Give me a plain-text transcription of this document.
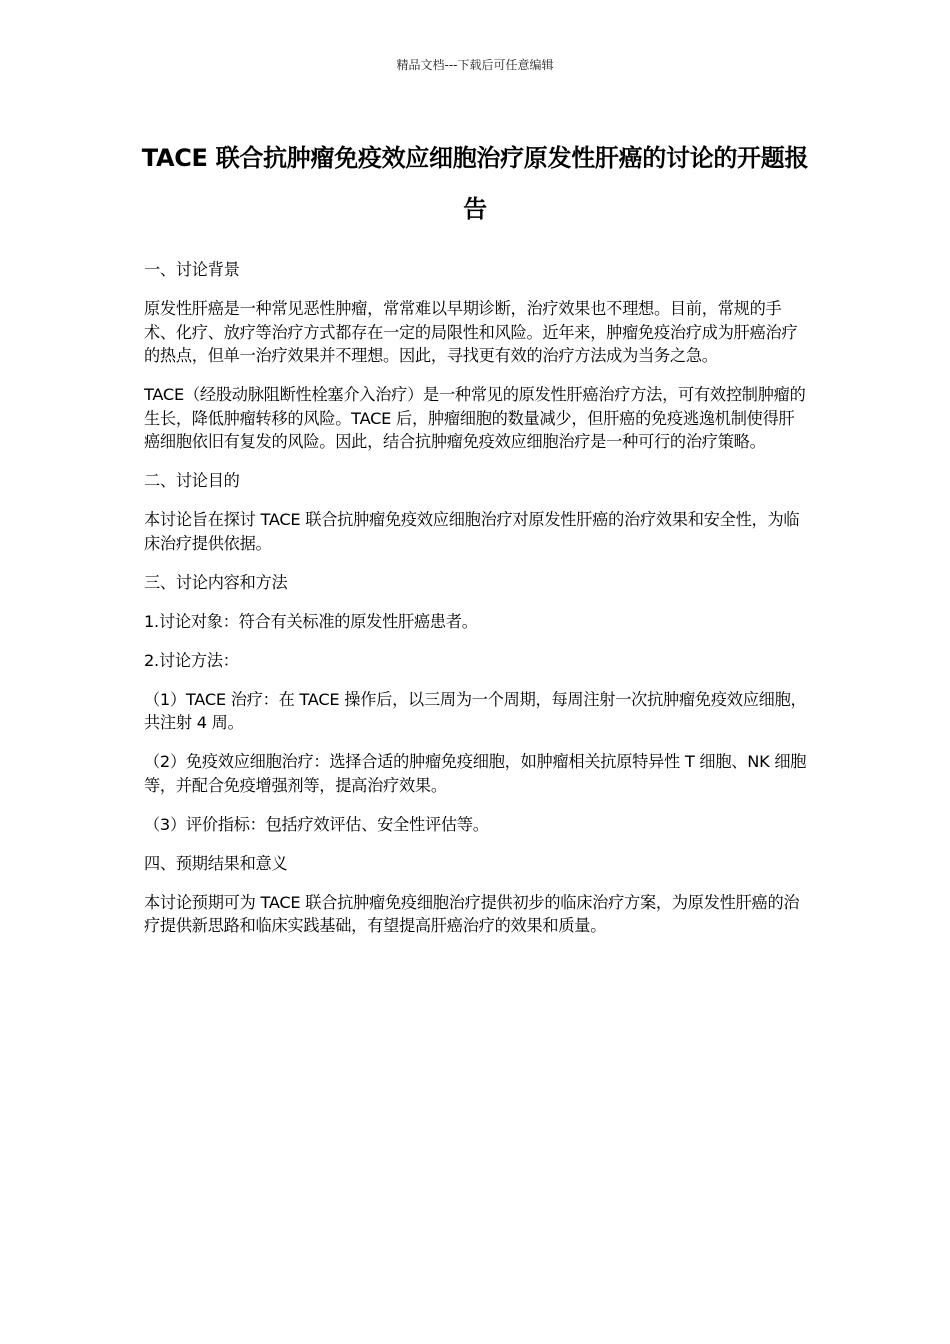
精品文档---下载后可任意编辑
TACE 联合抗肿瘤免疫效应细胞治疗原发性肝癌的讨论的开题报告

一、讨论背景

原发性肝癌是一种常见恶性肿瘤，常常难以早期诊断，治疗效果也不理想。目前，常规的手术、化疗、放疗等治疗方式都存在一定的局限性和风险。近年来，肿瘤免疫治疗成为肝癌治疗的热点，但单一治疗效果并不理想。因此，寻找更有效的治疗方法成为当务之急。

TACE（经股动脉阻断性栓塞介入治疗）是一种常见的原发性肝癌治疗方法，可有效控制肿瘤的生长，降低肿瘤转移的风险。TACE 后，肿瘤细胞的数量减少，但肝癌的免疫逃逸机制使得肝癌细胞依旧有复发的风险。因此，结合抗肿瘤免疫效应细胞治疗是一种可行的治疗策略。

二、讨论目的

本讨论旨在探讨 TACE 联合抗肿瘤免疫效应细胞治疗对原发性肝癌的治疗效果和安全性，为临床治疗提供依据。

三、讨论内容和方法

1.讨论对象：符合有关标准的原发性肝癌患者。

2.讨论方法：

（1）TACE 治疗：在 TACE 操作后，以三周为一个周期，每周注射一次抗肿瘤免疫效应细胞，共注射 4 周。

（2）免疫效应细胞治疗：选择合适的肿瘤免疫细胞，如肿瘤相关抗原特异性 T 细胞、NK 细胞等，并配合免疫增强剂等，提高治疗效果。

（3）评价指标：包括疗效评估、安全性评估等。

四、预期结果和意义

本讨论预期可为 TACE 联合抗肿瘤免疫细胞治疗提供初步的临床治疗方案，为原发性肝癌的治疗提供新思路和临床实践基础，有望提高肝癌治疗的效果和质量。
